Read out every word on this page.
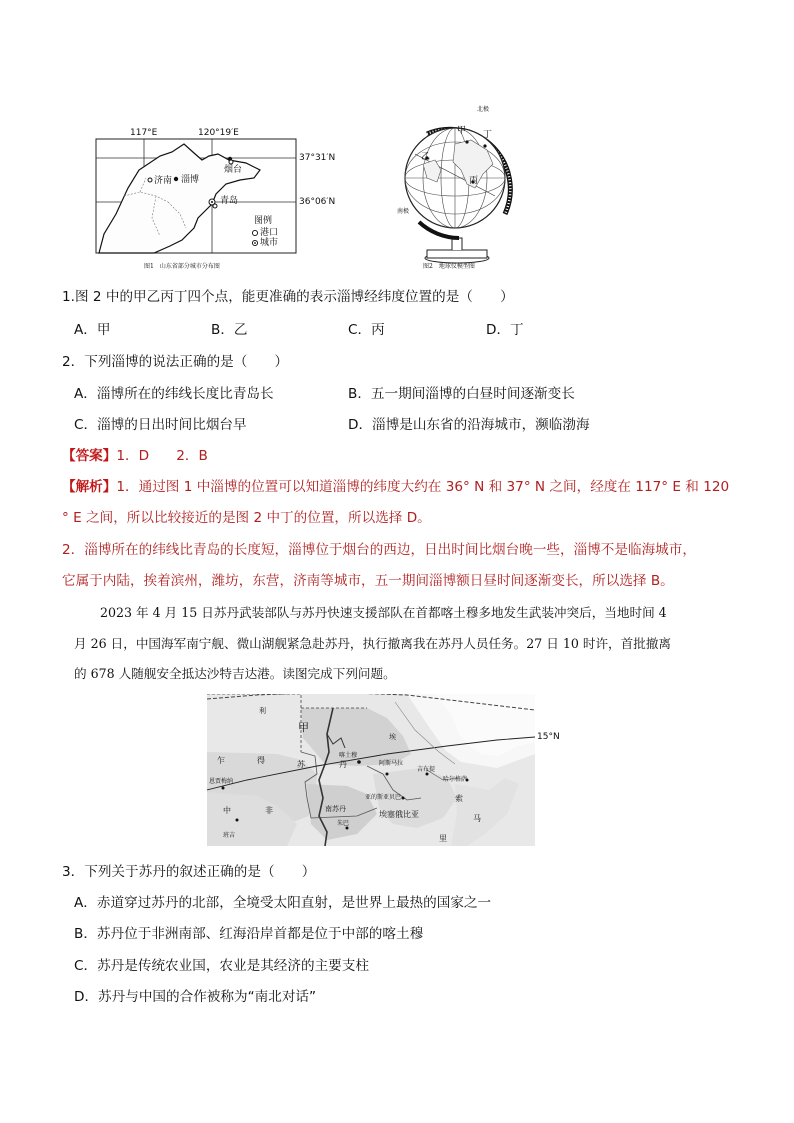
117°E	120°19′E
济南 淄博
烟台
青岛
图例
港口
城市
37°31′N
36°06′N
图1　山东省部分城市分布图
北极
南极
甲 丁
乙
丙
图2　地球仪模型图
1.图 2 中的甲乙丙丁四个点，能更准确的表示淄博经纬度位置的是（　　）
A．甲	B．乙	C．丙	D．丁
2．下列淄博的说法正确的是（　　）
A．淄博所在的纬线长度比青岛长	B．五一期间淄博的白昼时间逐渐变长
C．淄博的日出时间比烟台早	D．淄博是山东省的沿海城市，濒临渤海
【答案】1．D　　2．B
【解析】1．通过图 1 中淄博的位置可以知道淄博的纬度大约在 36° N 和 37° N 之间，经度在 117° E 和 120
° E 之间，所以比较接近的是图 2 中丁的位置，所以选择 D。
2．淄博所在的纬线比青岛的长度短，淄博位于烟台的西边，日出时间比烟台晚一些，淄博不是临海城市，
它属于内陆，挨着滨州，潍坊，东营，济南等城市，五一期间淄博额日昼时间逐渐变长，所以选择 B。
2023 年 4 月 15 日苏丹武装部队与苏丹快速支援部队在首都喀土穆多地发生武装冲突后，当地时间 4
月 26 日，中国海军南宁舰、微山湖舰紧急赴苏丹，执行撤离我在苏丹人员任务。27 日 10 时许，首批撤离
的 678 人随舰安全抵达沙特吉达港。读图完成下列问题。
甲
利
埃
喀土穆
阿斯马拉
吉布提
哈尔格萨
乍	得	苏	丹
恩贾梅纳
亚的斯亚贝巴
埃塞俄比亚
索
马
里
中	非	南苏丹
朱巴
班吉
15°N
3．下列关于苏丹的叙述正确的是（　　）
A．赤道穿过苏丹的北部，全境受太阳直射，是世界上最热的国家之一
B．苏丹位于非洲南部、红海沿岸首都是位于中部的喀土穆
C．苏丹是传统农业国，农业是其经济的主要支柱
D．苏丹与中国的合作被称为“南北对话”
